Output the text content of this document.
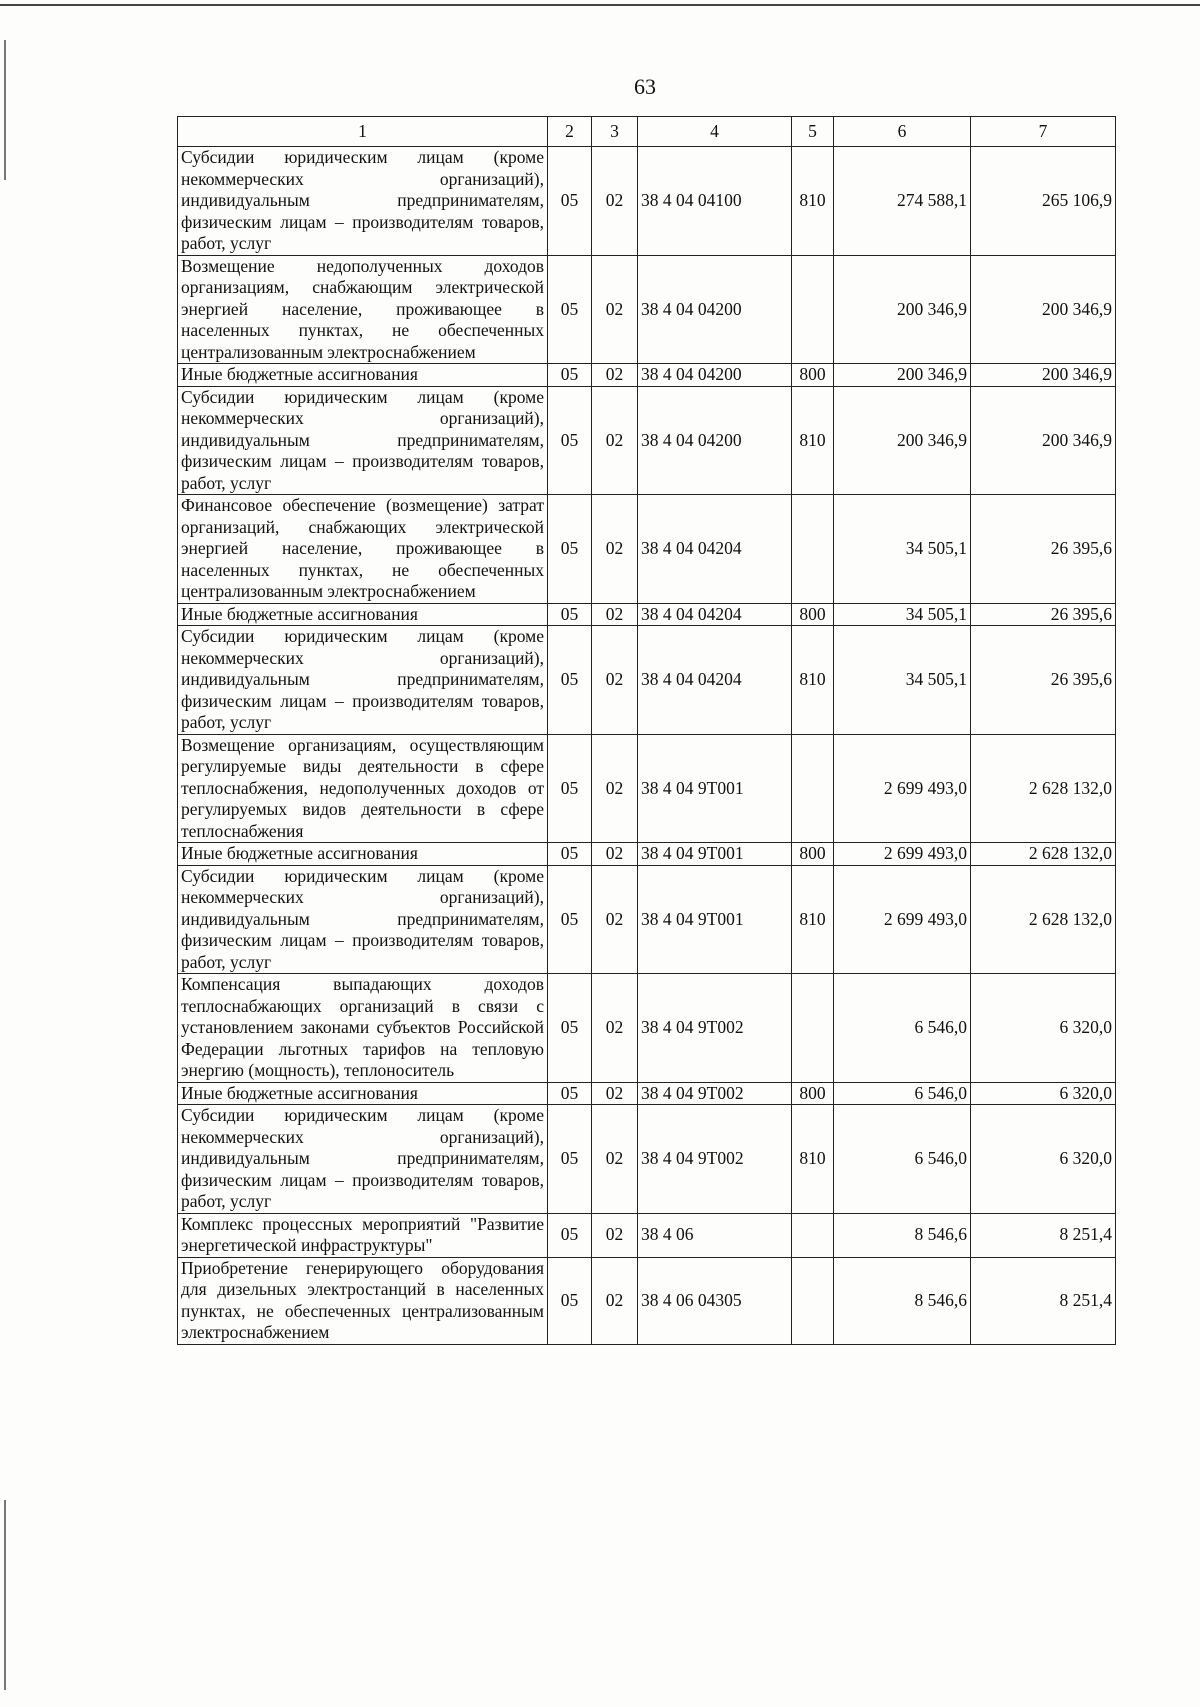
63
1	2	3	4	5	6	7
Субсидии юридическим лицам (кроме некоммерческих организаций), индивидуальным предпринимателям, физическим лицам – производителям товаров, работ, услуг	05	02	38 4 04 04100	810	274 588,1	265 106,9
Возмещение недополученных доходов организациям, снабжающим электрической энергией население, проживающее в населенных пунктах, не обеспеченных централизованным электроснабжением	05	02	38 4 04 04200		200 346,9	200 346,9
Иные бюджетные ассигнования	05	02	38 4 04 04200	800	200 346,9	200 346,9
Субсидии юридическим лицам (кроме некоммерческих организаций), индивидуальным предпринимателям, физическим лицам – производителям товаров, работ, услуг	05	02	38 4 04 04200	810	200 346,9	200 346,9
Финансовое обеспечение (возмещение) затрат организаций, снабжающих электрической энергией население, проживающее в населенных пунктах, не обеспеченных централизованным электроснабжением	05	02	38 4 04 04204		34 505,1	26 395,6
Иные бюджетные ассигнования	05	02	38 4 04 04204	800	34 505,1	26 395,6
Субсидии юридическим лицам (кроме некоммерческих организаций), индивидуальным предпринимателям, физическим лицам – производителям товаров, работ, услуг	05	02	38 4 04 04204	810	34 505,1	26 395,6
Возмещение организациям, осуществляющим регулируемые виды деятельности в сфере теплоснабжения, недополученных доходов от регулируемых видов деятельности в сфере теплоснабжения	05	02	38 4 04 9Т001		2 699 493,0	2 628 132,0
Иные бюджетные ассигнования	05	02	38 4 04 9Т001	800	2 699 493,0	2 628 132,0
Субсидии юридическим лицам (кроме некоммерческих организаций), индивидуальным предпринимателям, физическим лицам – производителям товаров, работ, услуг	05	02	38 4 04 9Т001	810	2 699 493,0	2 628 132,0
Компенсация выпадающих доходов теплоснабжающих организаций в связи с установлением законами субъектов Российской Федерации льготных тарифов на тепловую энергию (мощность), теплоноситель	05	02	38 4 04 9Т002		6 546,0	6 320,0
Иные бюджетные ассигнования	05	02	38 4 04 9Т002	800	6 546,0	6 320,0
Субсидии юридическим лицам (кроме некоммерческих организаций), индивидуальным предпринимателям, физическим лицам – производителям товаров, работ, услуг	05	02	38 4 04 9Т002	810	6 546,0	6 320,0
Комплекс процессных мероприятий "Развитие энергетической инфраструктуры"	05	02	38 4 06		8 546,6	8 251,4
Приобретение генерирующего оборудования для дизельных электростанций в населенных пунктах, не обеспеченных централизованным электроснабжением	05	02	38 4 06 04305		8 546,6	8 251,4
